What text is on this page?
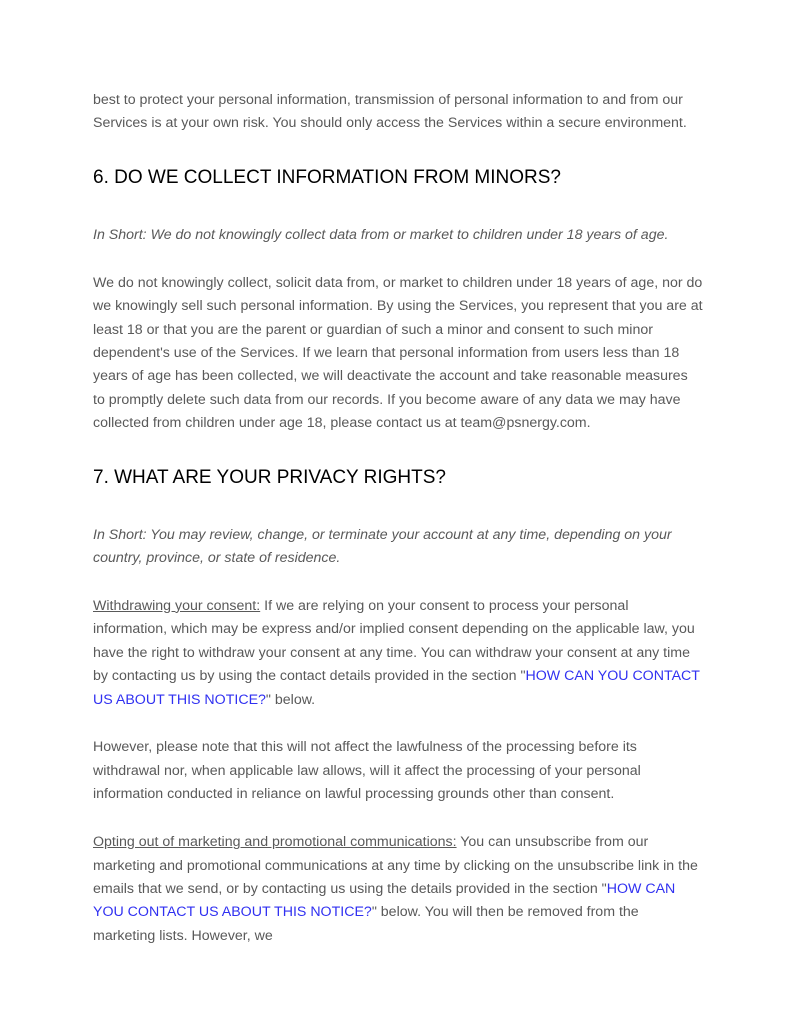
best to protect your personal information, transmission of personal information to and from our Services is at your own risk. You should only access the Services within a secure environment.

6. DO WE COLLECT INFORMATION FROM MINORS?

In Short: We do not knowingly collect data from or market to children under 18 years of age.

We do not knowingly collect, solicit data from, or market to children under 18 years of age, nor do we knowingly sell such personal information. By using the Services, you represent that you are at least 18 or that you are the parent or guardian of such a minor and consent to such minor dependent's use of the Services. If we learn that personal information from users less than 18 years of age has been collected, we will deactivate the account and take reasonable measures to promptly delete such data from our records. If you become aware of any data we may have collected from children under age 18, please contact us at team@psnergy.com.

7. WHAT ARE YOUR PRIVACY RIGHTS?

In Short: You may review, change, or terminate your account at any time, depending on your country, province, or state of residence.

Withdrawing your consent: If we are relying on your consent to process your personal information, which may be express and/or implied consent depending on the applicable law, you have the right to withdraw your consent at any time. You can withdraw your consent at any time by contacting us by using the contact details provided in the section "HOW CAN YOU CONTACT US ABOUT THIS NOTICE?" below.

However, please note that this will not affect the lawfulness of the processing before its withdrawal nor, when applicable law allows, will it affect the processing of your personal information conducted in reliance on lawful processing grounds other than consent.

Opting out of marketing and promotional communications: You can unsubscribe from our marketing and promotional communications at any time by clicking on the unsubscribe link in the emails that we send, or by contacting us using the details provided in the section "HOW CAN YOU CONTACT US ABOUT THIS NOTICE?" below. You will then be removed from the marketing lists. However, we
